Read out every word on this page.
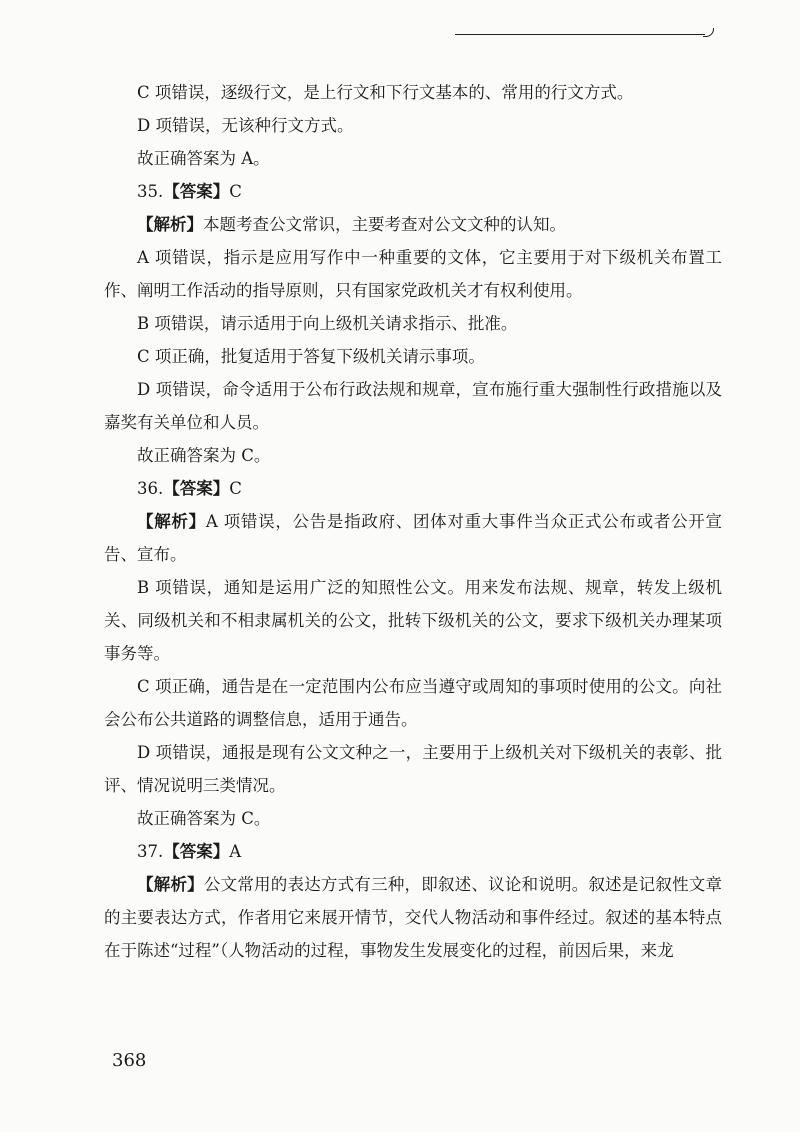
C 项错误，逐级行文，是上行文和下行文基本的、常用的行文方式。

D 项错误，无该种行文方式。

故正确答案为 A。

35.【答案】C

【解析】本题考查公文常识，主要考查对公文文种的认知。

A 项错误，指示是应用写作中一种重要的文体，它主要用于对下级机关布置工作、阐明工作活动的指导原则，只有国家党政机关才有权利使用。

B 项错误，请示适用于向上级机关请求指示、批准。

C 项正确，批复适用于答复下级机关请示事项。

D 项错误，命令适用于公布行政法规和规章，宣布施行重大强制性行政措施以及嘉奖有关单位和人员。

故正确答案为 C。

36.【答案】C

【解析】A 项错误，公告是指政府、团体对重大事件当众正式公布或者公开宣告、宣布。

B 项错误，通知是运用广泛的知照性公文。用来发布法规、规章，转发上级机关、同级机关和不相隶属机关的公文，批转下级机关的公文，要求下级机关办理某项事务等。

C 项正确，通告是在一定范围内公布应当遵守或周知的事项时使用的公文。向社会公布公共道路的调整信息，适用于通告。

D 项错误，通报是现有公文文种之一，主要用于上级机关对下级机关的表彰、批评、情况说明三类情况。

故正确答案为 C。

37.【答案】A

【解析】公文常用的表达方式有三种，即叙述、议论和说明。叙述是记叙性文章的主要表达方式，作者用它来展开情节，交代人物活动和事件经过。叙述的基本特点在于陈述“过程”（人物活动的过程，事物发生发展变化的过程，前因后果，来龙

368
